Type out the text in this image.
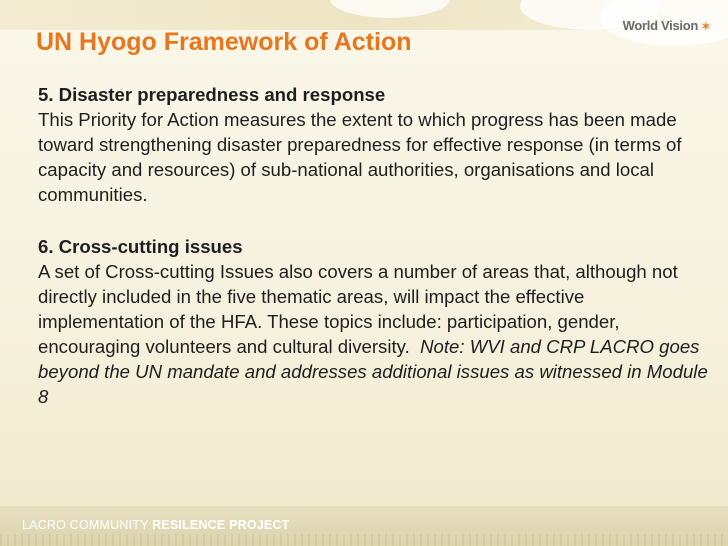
World Vision ✶
UN Hyogo Framework of Action

5. Disaster preparedness and response

This Priority for Action measures the extent to which progress has been made toward strengthening disaster preparedness for effective response (in terms of capacity and resources) of sub-national authorities, organisations and local communities.

6. Cross-cutting issues

A set of Cross-cutting Issues also covers a number of areas that, although not directly included in the five thematic areas, will impact the effective implementation of the HFA. These topics include: participation, gender, encouraging volunteers and cultural diversity. Note: WVI and CRP LACRO goes beyond the UN mandate and addresses additional issues as witnessed in Module 8

LACRO COMMUNITY RESILENCE PROJECT
